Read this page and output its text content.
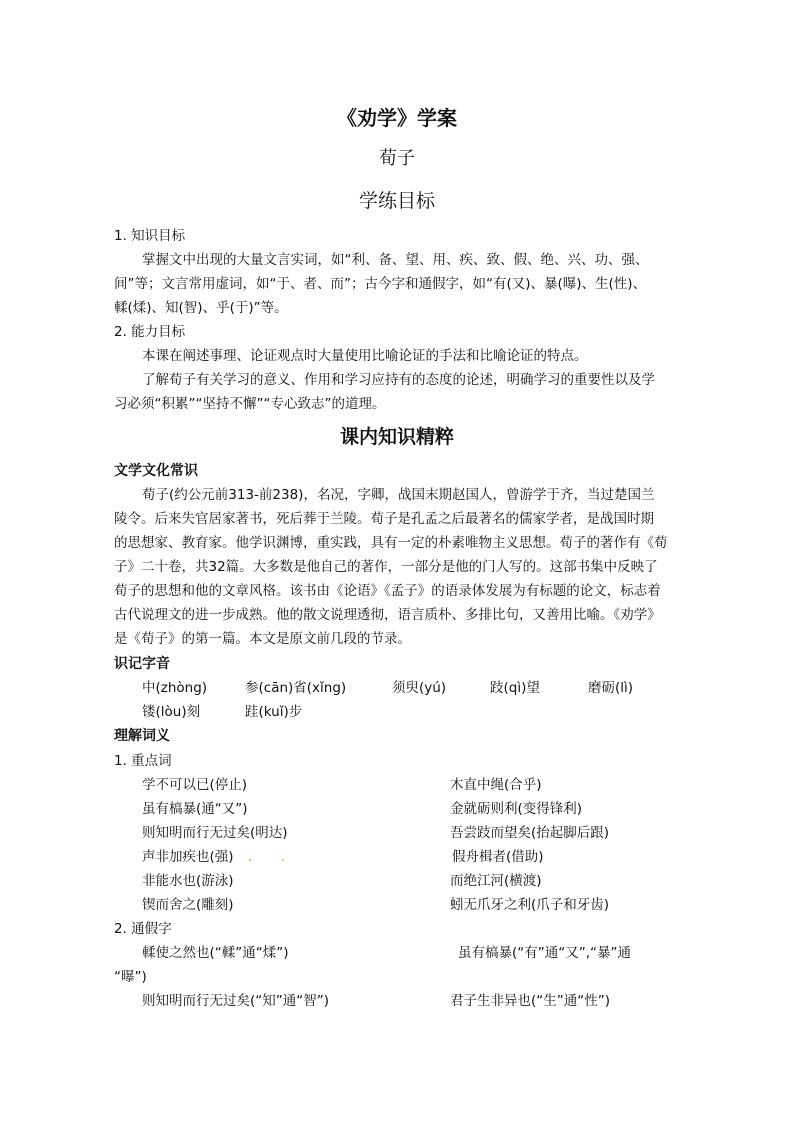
《劝学》学案
荀子
学练目标
1. 知识目标
掌握文中出现的大量文言实词，如“利、备、望、用、疾、致、假、绝、兴、功、强、
间”等；文言常用虚词，如“于、者、而”；古今字和通假字，如“有(又)、暴(曝)、生(性)、
輮(煣)、知(智)、乎(于)”等。
2. 能力目标
本课在阐述事理、论证观点时大量使用比喻论证的手法和比喻论证的特点。
了解荀子有关学习的意义、作用和学习应持有的态度的论述，明确学习的重要性以及学
习必须“积累”“坚持不懈”“专心致志”的道理。
课内知识精粹
文学文化常识
荀子(约公元前313-前238)，名况，字卿，战国末期赵国人，曾游学于齐，当过楚国兰
陵令。后来失官居家著书，死后葬于兰陵。荀子是孔孟之后最著名的儒家学者，是战国时期
的思想家、教育家。他学识渊博，重实践，具有一定的朴素唯物主义思想。荀子的著作有《荀
子》二十卷，共32篇。大多数是他自己的著作，一部分是他的门人写的。这部书集中反映了
荀子的思想和他的文章风格。该书由《论语》《孟子》的语录体发展为有标题的论文，标志着
古代说理文的进一步成熟。他的散文说理透彻，语言质朴、多排比句，又善用比喻。《劝学》
是《荀子》的第一篇。本文是原文前几段的节录。
识记字音
中(zhòng)	参(cān)省(xǐng)	须臾(yú)	跂(qì)望	磨砺(lì)
镂(lòu)刻	跬(kuǐ)步
理解词义
1. 重点词
学不可以已(停止)	木直中绳(合乎)
虽有槁暴(通“又”)	金就砺则利(变得锋利)
则知明而行无过矣(明达)	吾尝跂而望矣(抬起脚后跟)
声非加疾也(强) . .	假舟楫者(借助)
非能水也(游泳)	而绝江河(横渡)
锲而舍之(雕刻)	蚓无爪牙之利(爪子和牙齿)
2. 通假字
輮使之然也(“輮”通“煣”)	虽有槁暴(“有”通“又”,“暴”通
“曝”)
则知明而行无过矣(“知”通“智”)	君子生非异也(“生”通“性”)
